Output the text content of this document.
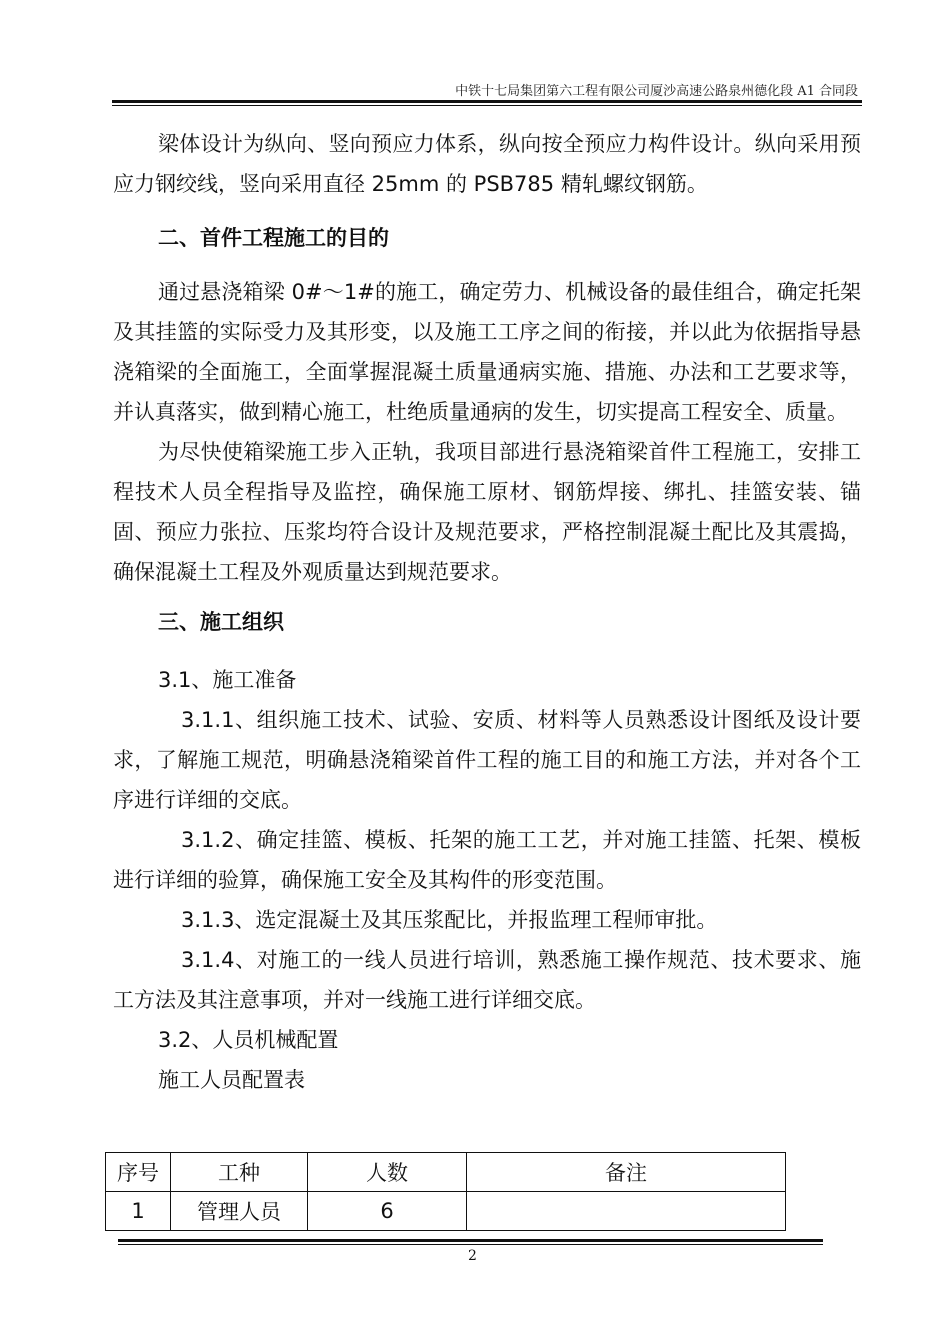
中铁十七局集团第六工程有限公司厦沙高速公路泉州德化段 A1 合同段

梁体设计为纵向、竖向预应力体系，纵向按全预应力构件设计。纵向采用预应力钢绞线，竖向采用直径 25mm 的 PSB785 精轧螺纹钢筋。

二、首件工程施工的目的

通过悬浇箱梁 0#～1#的施工，确定劳力、机械设备的最佳组合，确定托架及其挂篮的实际受力及其形变，以及施工工序之间的衔接，并以此为依据指导悬浇箱梁的全面施工，全面掌握混凝土质量通病实施、措施、办法和工艺要求等，并认真落实，做到精心施工，杜绝质量通病的发生，切实提高工程安全、质量。

为尽快使箱梁施工步入正轨，我项目部进行悬浇箱梁首件工程施工，安排工程技术人员全程指导及监控，确保施工原材、钢筋焊接、绑扎、挂篮安装、锚固、预应力张拉、压浆均符合设计及规范要求，严格控制混凝土配比及其震捣，确保混凝土工程及外观质量达到规范要求。

三、施工组织

3.1、施工准备

3.1.1、组织施工技术、试验、安质、材料等人员熟悉设计图纸及设计要求，了解施工规范，明确悬浇箱梁首件工程的施工目的和施工方法，并对各个工序进行详细的交底。

3.1.2、确定挂篮、模板、托架的施工工艺，并对施工挂篮、托架、模板进行详细的验算，确保施工安全及其构件的形变范围。

3.1.3、选定混凝土及其压浆配比，并报监理工程师审批。

3.1.4、对施工的一线人员进行培训，熟悉施工操作规范、技术要求、施工方法及其注意事项，并对一线施工进行详细交底。

3.2、人员机械配置

施工人员配置表

序号	工种	人数	备注
1	管理人员	6	
2
